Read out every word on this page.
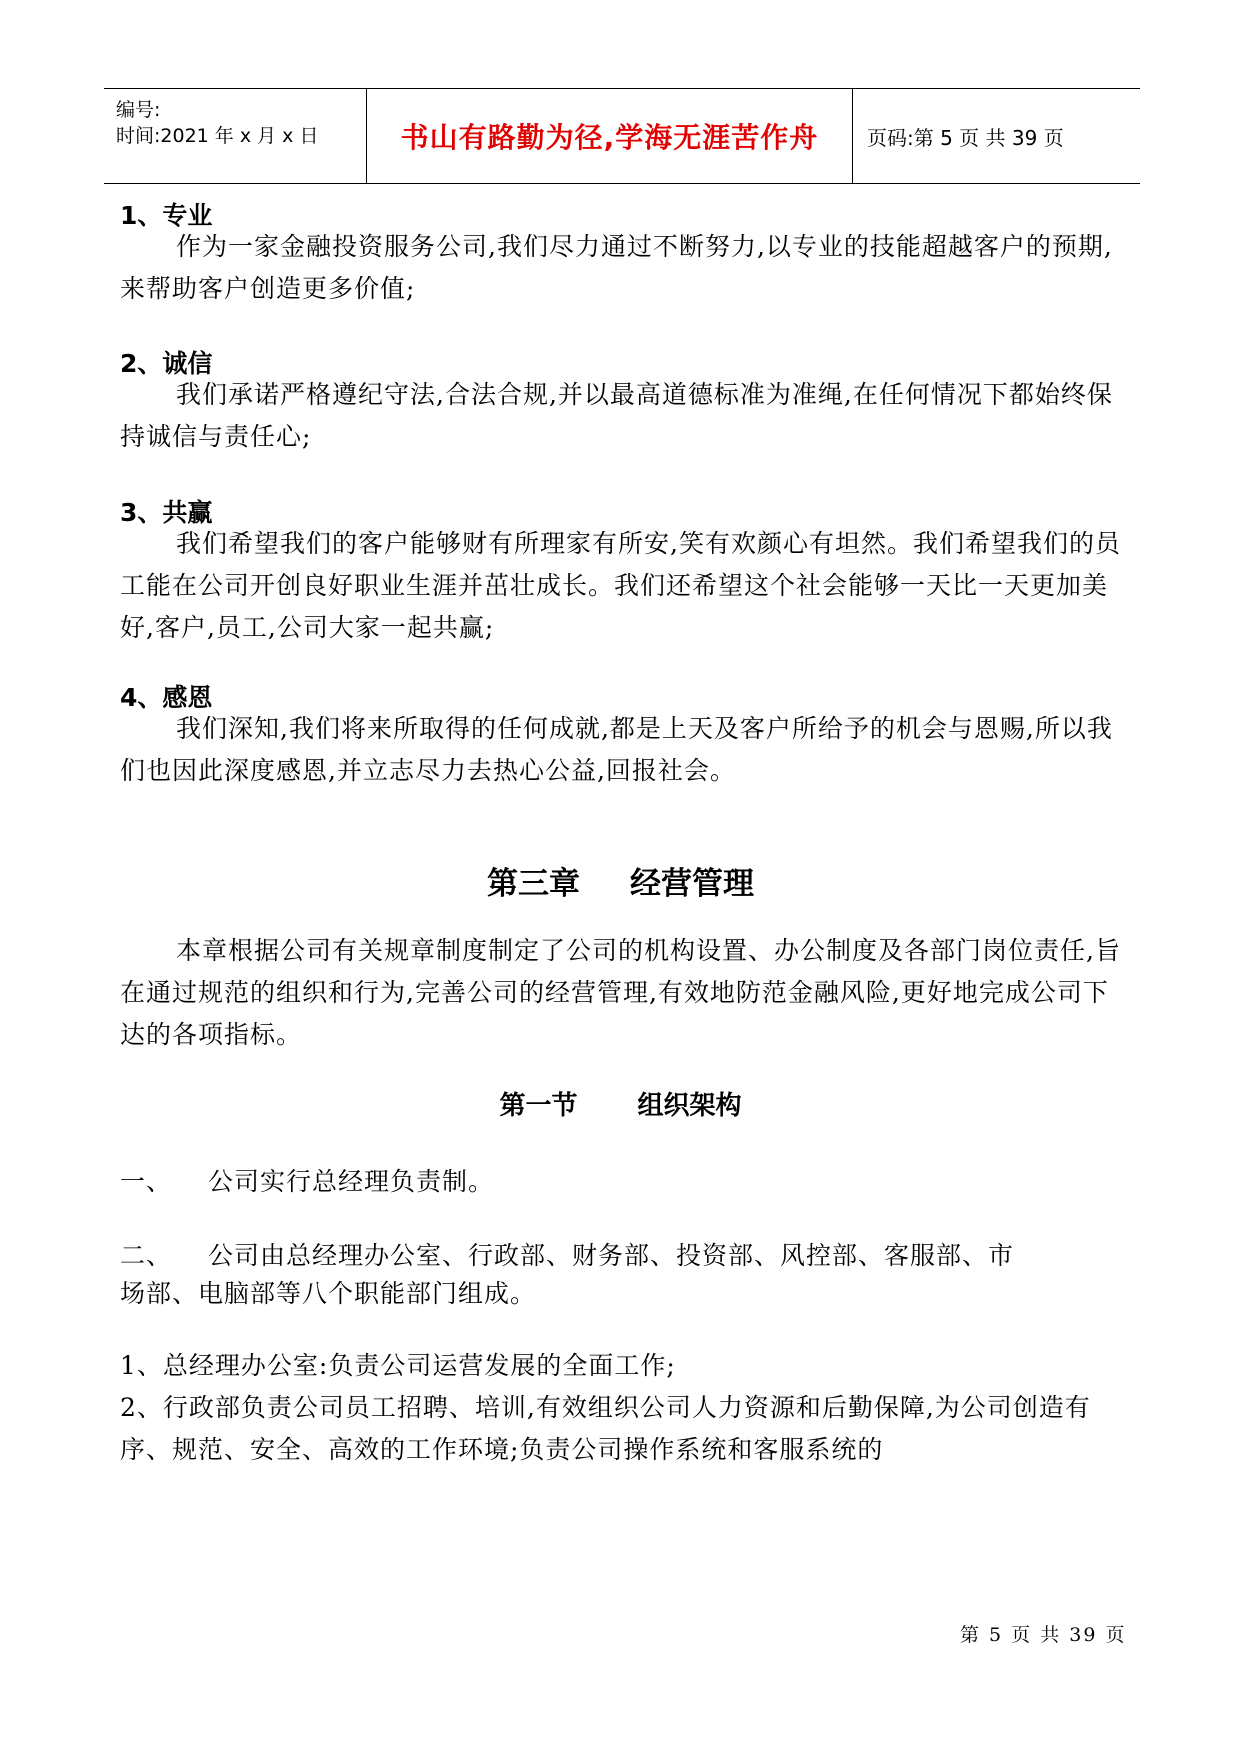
编号:
时间:2021 年 x 月 x 日	书山有路勤为径,学海无涯苦作舟	页码:第 5 页 共 39 页
1、专业

作为一家金融投资服务公司,我们尽力通过不断努力,以专业的技能超越客户的预期,来帮助客户创造更多价值;

2、诚信

我们承诺严格遵纪守法,合法合规,并以最高道德标准为准绳,在任何情况下都始终保持诚信与责任心;

3、共赢

我们希望我们的客户能够财有所理家有所安,笑有欢颜心有坦然。我们希望我们的员工能在公司开创良好职业生涯并茁壮成长。我们还希望这个社会能够一天比一天更加美好,客户,员工,公司大家一起共赢;

4、感恩

我们深知,我们将来所取得的任何成就,都是上天及客户所给予的机会与恩赐,所以我们也因此深度感恩,并立志尽力去热心公益,回报社会。

第三章 经营管理

本章根据公司有关规章制度制定了公司的机构设置、办公制度及各部门岗位责任,旨在通过规范的组织和行为,完善公司的经营管理,有效地防范金融风险,更好地完成公司下达的各项指标。

第一节 组织架构
一、 公司实行总经理负责制。
二、 公司由总经理办公室、行政部、财务部、投资部、风控部、客服部、市
场部、电脑部等八个职能部门组成。

1、总经理办公室:负责公司运营发展的全面工作;

2、行政部负责公司员工招聘、培训,有效组织公司人力资源和后勤保障,为公司创造有序、规范、安全、高效的工作环境;负责公司操作系统和客服系统的

第 5 页 共 39 页
